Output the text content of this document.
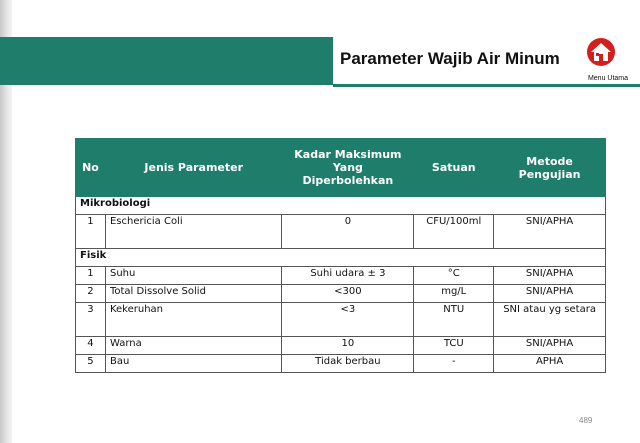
Parameter Wajib Air Minum
Menu Utama
No	Jenis Parameter	Kadar Maksimum Yang Diperbolehkan	Satuan	Metode Pengujian
Mikrobiologi				
1	Eschericia Coli	0	CFU/100ml	SNI/APHA
Fisik				
1	Suhu	Suhi udara ± 3	°C	SNI/APHA
2	Total Dissolve Solid	<300	mg/L	SNI/APHA
3	Kekeruhan	<3	NTU	SNI atau yg setara
4	Warna	10	TCU	SNI/APHA
5	Bau	Tidak berbau	-	APHA
489
